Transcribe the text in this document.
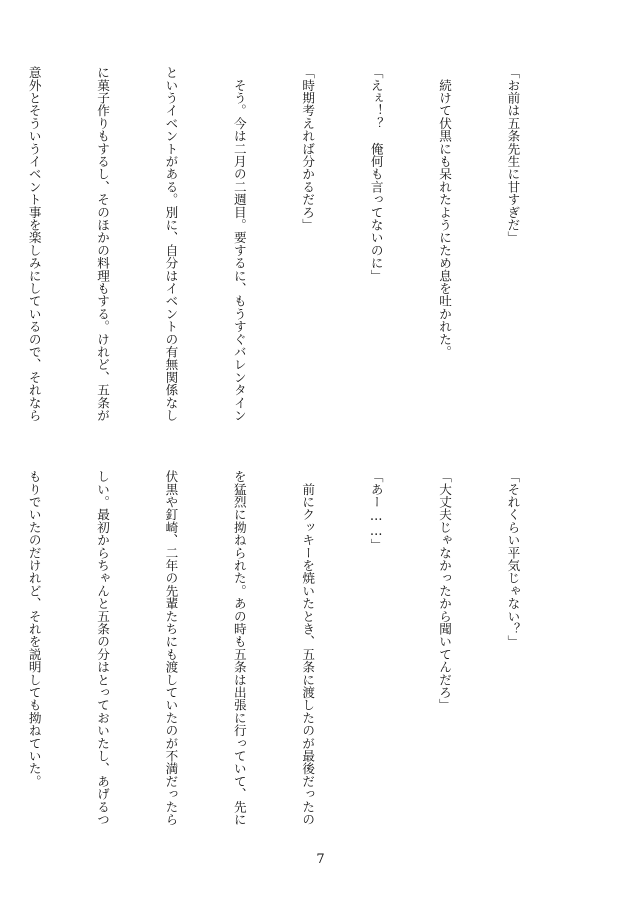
「お前は五条先生に甘すぎだ」

　続けて伏黒にも呆れたようにため息を吐かれた。

「えぇ！？　俺何も言ってないのに」

「時期考えれば分かるだろ」

　そう。今は二月の二週目。要するに、もうすぐバレンタイン

というイベントがある。別に、自分はイベントの有無関係なし

に菓子作りもするし、そのほかの料理もする。けれど、五条が

意外とそういうイベント事を楽しみにしているので、それなら

「それくらい平気じゃない？」

「大丈夫じゃなかったから聞いてんだろ」

「あー……」

　前にクッキーを焼いたとき、五条に渡したのが最後だったの

を猛烈に拗ねられた。あの時も五条は出張に行っていて、先に

伏黒や釘崎、二年の先輩たちにも渡していたのが不満だったら

しい。最初からちゃんと五条の分はとっておいたし、あげるつ

もりでいたのだけれど、それを説明しても拗ねていた。

7
